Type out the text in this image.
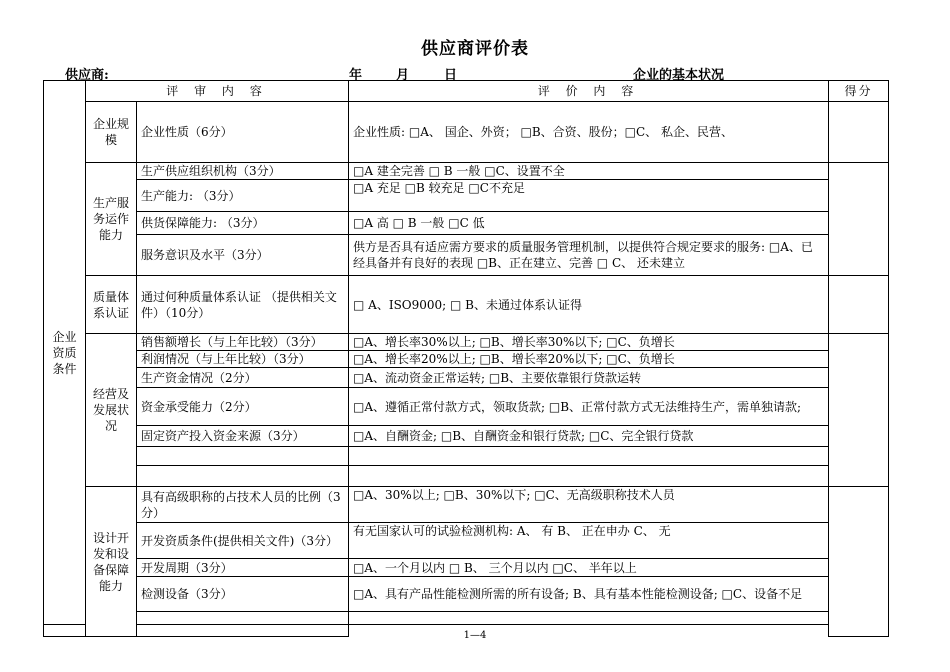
供应商评价表
供应商:	年	月	日	企业的基本状况
企业资质条件	评 审 内 容		评 价 内 容	得分
	企业规模	企业性质（6分）	企业性质: □A、 国企、外资； □B、合资、股份；□C、 私企、民营、	
	生产服务运作能力	生产供应组织机构（3分）	□A 建全完善 □ B 一般 □C、设置不全	
		生产能力: （3分）	□A 充足 □B 较充足 □C不充足	
		供货保障能力: （3分）	□A 高 □ B 一般 □C 低	
		服务意识及水平（3分）	供方是否具有适应需方要求的质量服务管理机制，以提供符合规定要求的服务: □A、已经具备并有良好的表现 □B、正在建立、完善 □ C、 还未建立	
	质量体系认证	通过何种质量体系认证 （提供相关文件）（10分）	□ A、ISO9000; □ B、未通过体系认证得	
	经营及发展状况	销售额增长（与上年比较）（3分）	□A、增长率30%以上; □B、增长率30%以下; □C、负增长	
		利润情况（与上年比较）（3分）	□A、增长率20%以上; □B、增长率20%以下; □C、负增长	
		生产资金情况（2分）	□A、流动资金正常运转; □B、主要依靠银行贷款运转	
		资金承受能力（2分）	□A、遵循正常付款方式，领取货款; □B、正常付款方式无法维持生产，需单独请款;	
		固定资产投入资金来源（3分）	□A、自酬资金; □B、自酬资金和银行贷款; □C、完全银行贷款	

	设计开发和设备保障能力	具有高级职称的占技术人员的比例（3分）	□A、30%以上; □B、30%以下; □C、无高级职称技术人员	
		开发资质条件(提供相关文件)（3分）	有无国家认可的试验检测机构: A、 有 B、 正在申办 C、 无	
		开发周期（3分）	□A、一个月以内 □ B、 三个月以内 □C、 半年以上	
		检测设备（3分）	□A、具有产品性能检测所需的所有设备; B、具有基本性能检测设备; □C、设备不足	

1—4
